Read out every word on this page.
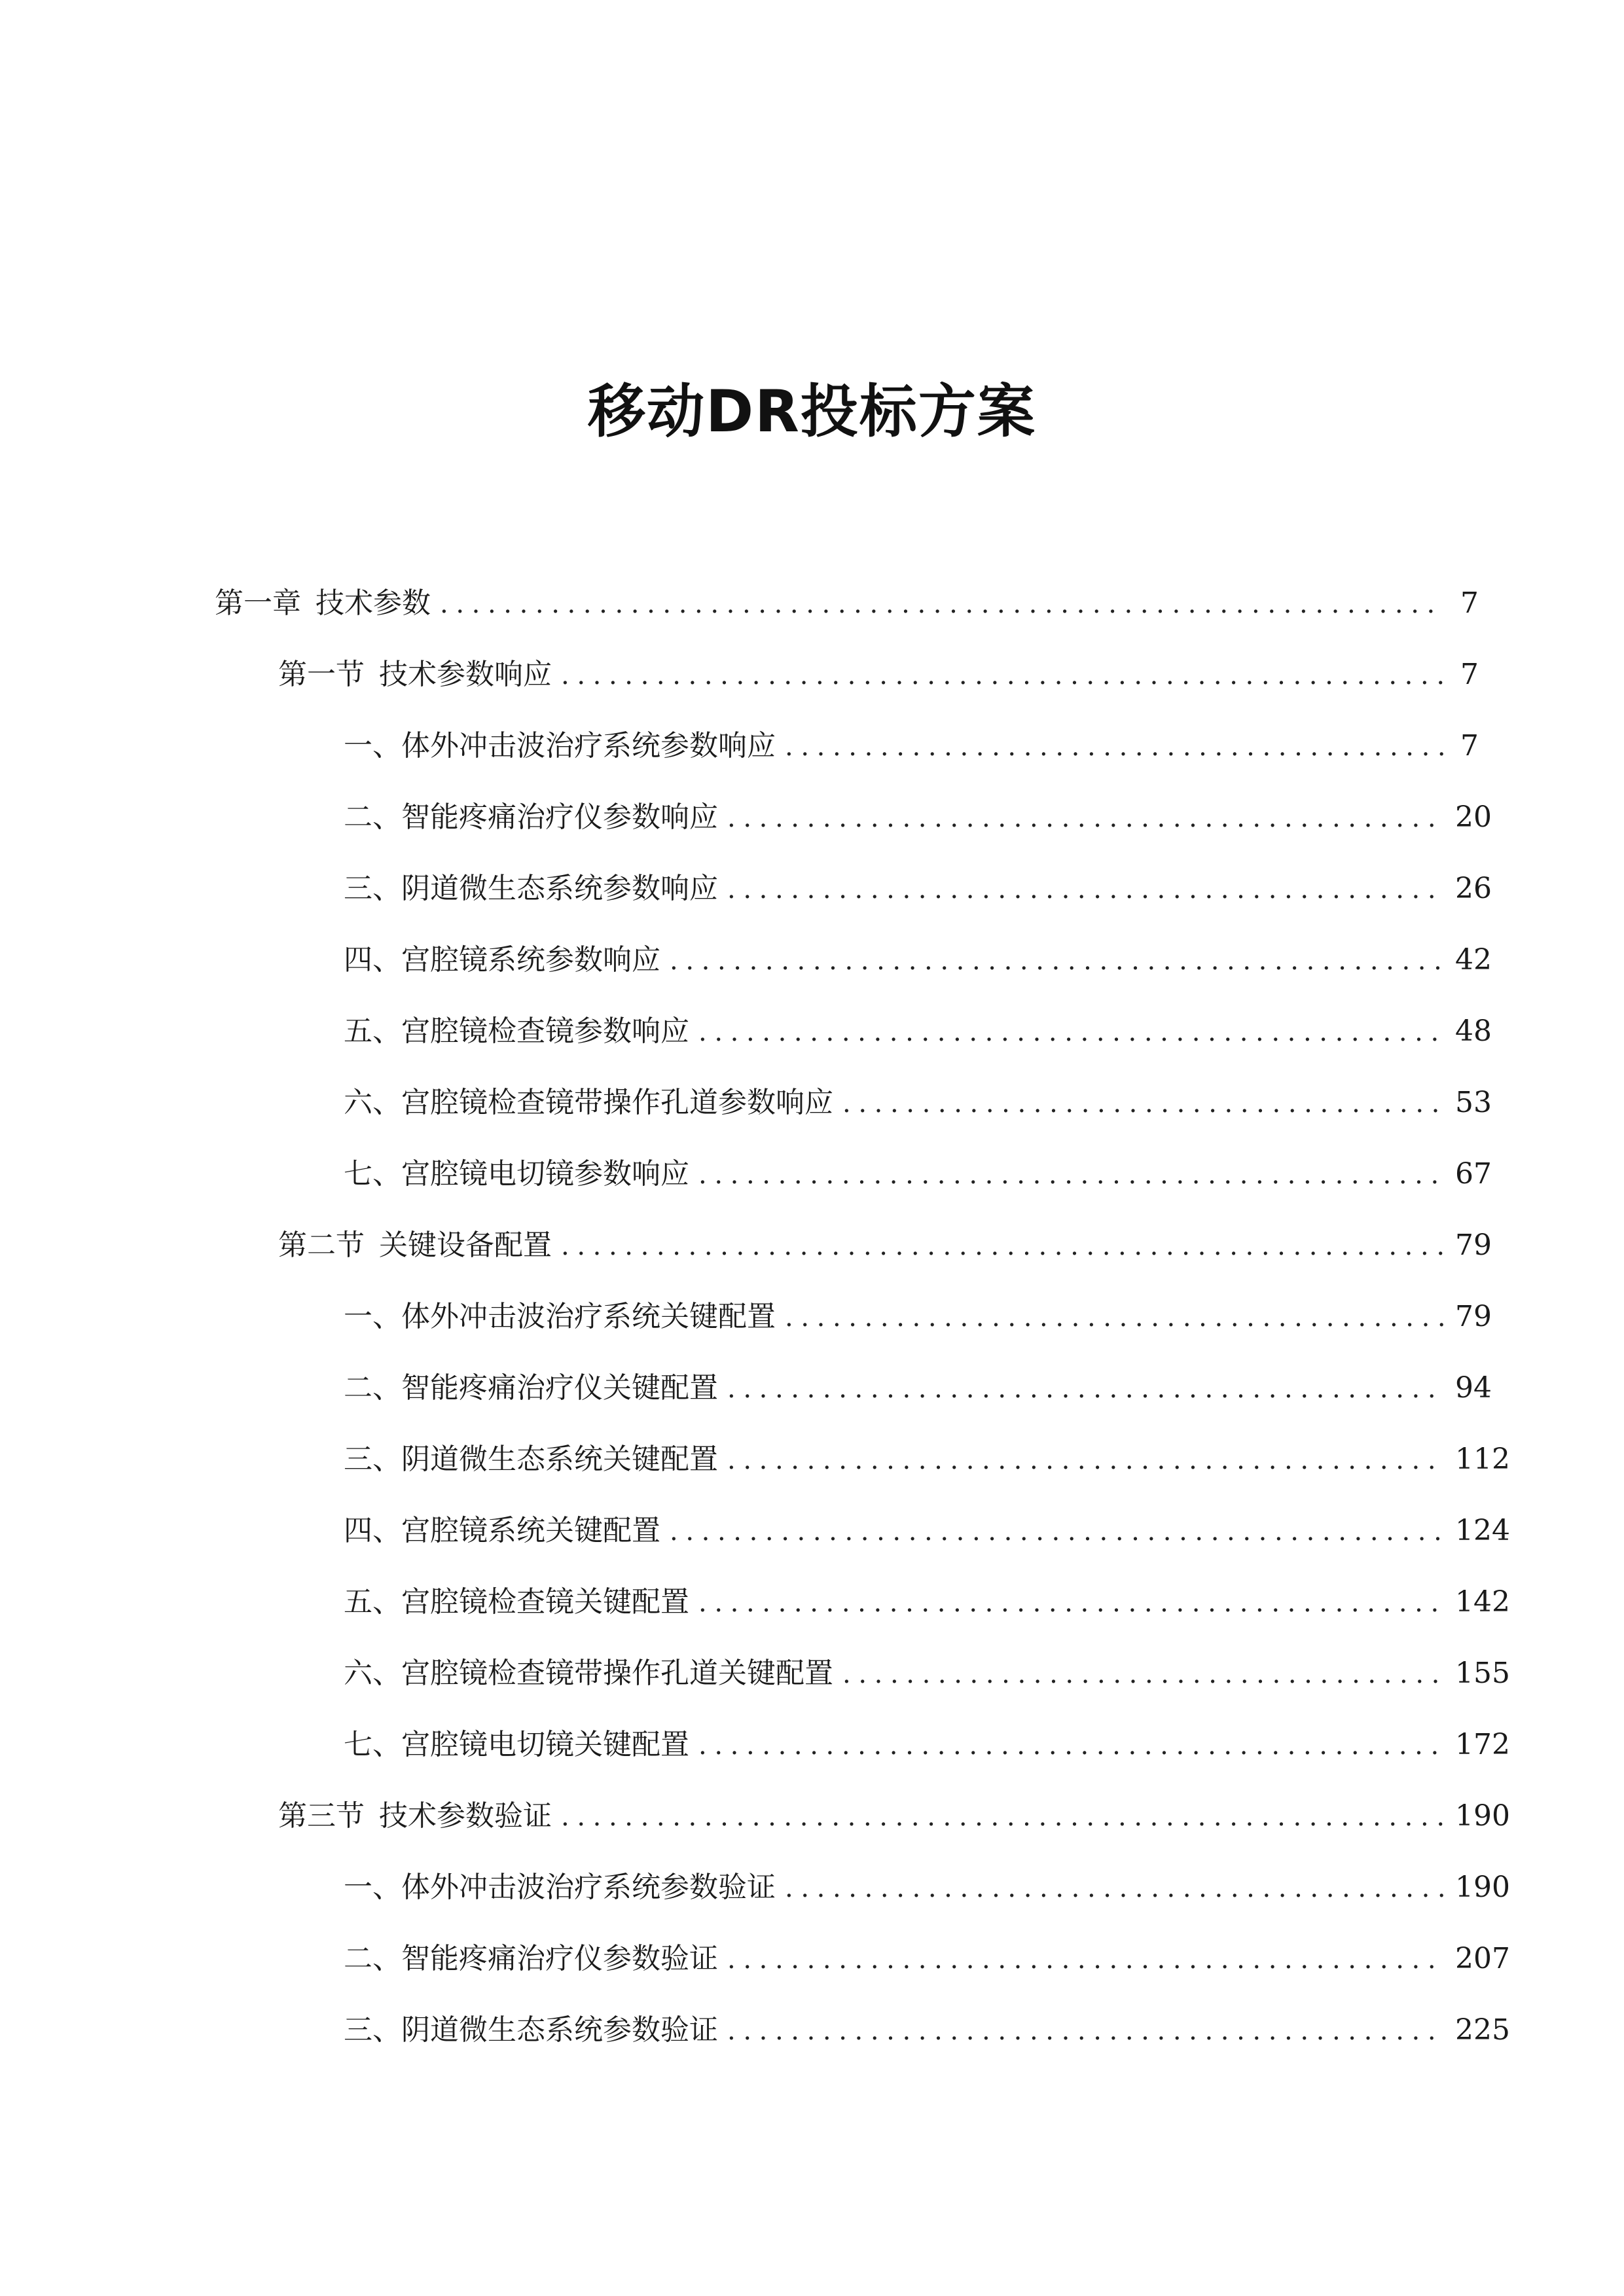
移动DR投标方案
第一章 技术参数 .....	7
第一节 技术参数响应 .....	7
一、 体外冲击波治疗系统参数响应 .....	7
二、 智能疼痛治疗仪参数响应 .....	20
三、 阴道微生态系统参数响应 .....	26
四、 宫腔镜系统参数响应 .....	42
五、 宫腔镜检查镜参数响应 .....	48
六、 宫腔镜检查镜带操作孔道参数响应 .....	53
七、 宫腔镜电切镜参数响应 .....	67
第二节 关键设备配置 .....	79
一、 体外冲击波治疗系统关键配置 .....	79
二、 智能疼痛治疗仪关键配置 .....	94
三、 阴道微生态系统关键配置 .....	112
四、 宫腔镜系统关键配置 .....	124
五、 宫腔镜检查镜关键配置 .....	142
六、 宫腔镜检查镜带操作孔道关键配置 .....	155
七、 宫腔镜电切镜关键配置 .....	172
第三节 技术参数验证 .....	190
一、 体外冲击波治疗系统参数验证 .....	190
二、 智能疼痛治疗仪参数验证 .....	207
三、 阴道微生态系统参数验证 .....	225
